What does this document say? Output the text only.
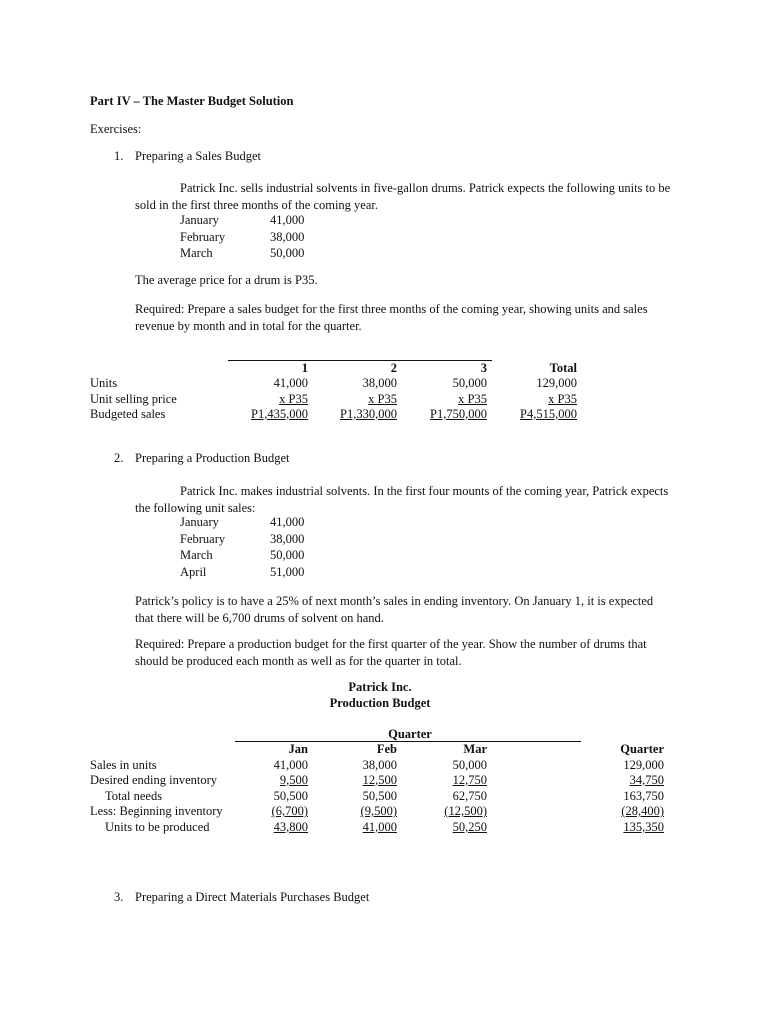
Part IV – The Master Budget Solution
Exercises:
1. Preparing a Sales Budget
Patrick Inc. sells industrial solvents in five-gallon drums. Patrick expects the following units to be sold in the first three months of the coming year.
January	41,000
February	38,000
March	50,000
The average price for a drum is P35.
Required: Prepare a sales budget for the first three months of the coming year, showing units and sales revenue by month and in total for the quarter.
1	2	3	Total
Units	41,000	38,000	50,000	129,000
Unit selling price	x P35	x P35	x P35	x P35
Budgeted sales	P1,435,000	P1,330,000	P1,750,000	P4,515,000
2. Preparing a Production Budget
Patrick Inc. makes industrial solvents. In the first four mounts of the coming year, Patrick expects the following unit sales:
January	41,000
February	38,000
March	50,000
April	51,000
Patrick’s policy is to have a 25% of next month’s sales in ending inventory. On January 1, it is expected that there will be 6,700 drums of solvent on hand.
Required: Prepare a production budget for the first quarter of the year. Show the number of drums that should be produced each month as well as for the quarter in total.
Patrick Inc.
Production Budget
Quarter
Jan	Feb	Mar	Quarter
Sales in units	41,000	38,000	50,000	129,000
Desired ending inventory	9,500	12,500	12,750	34,750
Total needs	50,500	50,500	62,750	163,750
Less: Beginning inventory	(6,700)	(9,500)	(12,500)	(28,400)
Units to be produced	43,800	41,000	50,250	135,350
3. Preparing a Direct Materials Purchases Budget
